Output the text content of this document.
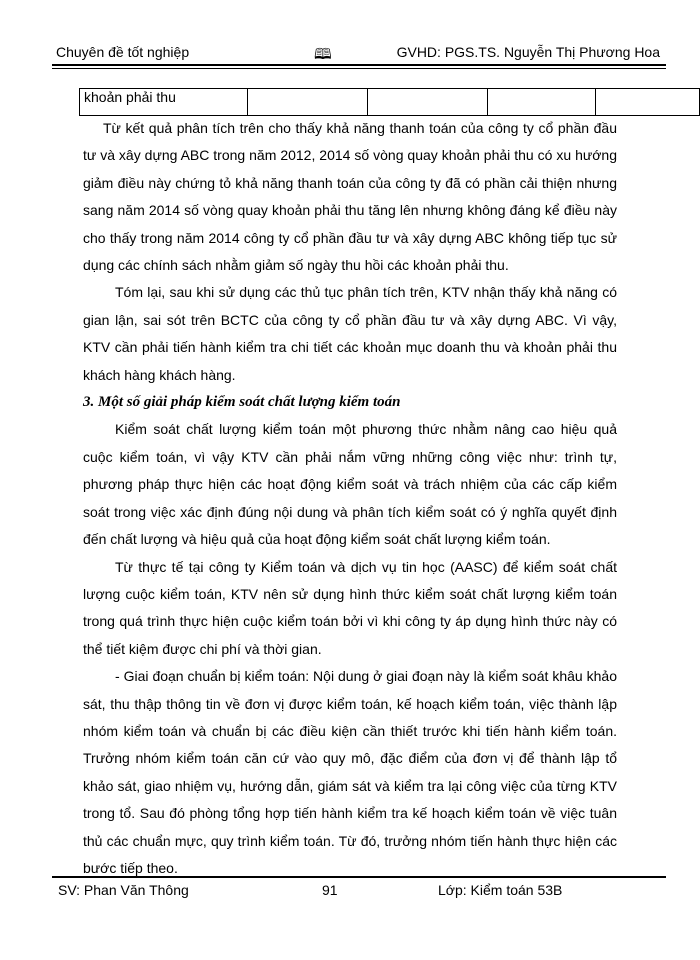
Chuyên đề tốt nghiệp	🕮	GVHD: PGS.TS. Nguyễn Thị Phương Hoa
khoản phải thu				

Từ kết quả phân tích trên cho thấy khả năng thanh toán của công ty cổ phần đầu tư và xây dựng ABC trong năm 2012, 2014 số vòng quay khoản phải thu có xu hướng giảm điều này chứng tỏ khả năng thanh toán của công ty đã có phần cải thiện nhưng sang năm 2014 số vòng quay khoản phải thu tăng lên nhưng không đáng kể điều này cho thấy trong năm 2014 công ty cổ phần đầu tư và xây dựng ABC không tiếp tục sử dụng các chính sách nhằm giảm số ngày thu hồi các khoản phải thu.

Tóm lại, sau khi sử dụng các thủ tục phân tích trên, KTV nhận thấy khả năng có gian lận, sai sót trên BCTC của công ty cổ phần đầu tư và xây dựng ABC. Vì vậy, KTV cần phải tiến hành kiểm tra chi tiết các khoản mục doanh thu và khoản phải thu khách hàng khách hàng.

3. Một số giải pháp kiểm soát chất lượng kiểm toán

Kiểm soát chất lượng kiểm toán một phương thức nhằm nâng cao hiệu quả cuộc kiểm toán, vì vậy KTV cần phải nắm vững những công việc như: trình tự, phương pháp thực hiện các hoạt động kiểm soát và trách nhiệm của các cấp kiểm soát trong việc xác định đúng nội dung và phân tích kiểm soát có ý nghĩa quyết định đến chất lượng và hiệu quả của hoạt động kiểm soát chất lượng kiểm toán.

Từ thực tế tại công ty Kiểm toán và dịch vụ tin học (AASC) để kiểm soát chất lượng cuộc kiểm toán, KTV nên sử dụng hình thức kiểm soát chất lượng kiểm toán trong quá trình thực hiện cuộc kiểm toán bởi vì khi công ty áp dụng hình thức này có thể tiết kiệm được chi phí và thời gian.

- Giai đoạn chuẩn bị kiểm toán: Nội dung ở giai đoạn này là kiểm soát khâu khảo sát, thu thập thông tin về đơn vị được kiểm toán, kế hoạch kiểm toán, việc thành lập nhóm kiểm toán và chuẩn bị các điều kiện cần thiết trước khi tiến hành kiểm toán. Trưởng nhóm kiểm toán căn cứ vào quy mô, đặc điểm của đơn vị để thành lập tổ khảo sát, giao nhiệm vụ, hướng dẫn, giám sát và kiểm tra lại công việc của từng KTV trong tổ. Sau đó phòng tổng hợp tiến hành kiểm tra kế hoạch kiểm toán về việc tuân thủ các chuẩn mực, quy trình kiểm toán. Từ đó, trưởng nhóm tiến hành thực hiện các bước tiếp theo.

SV: Phan Văn Thông	91	Lớp: Kiểm toán 53B
